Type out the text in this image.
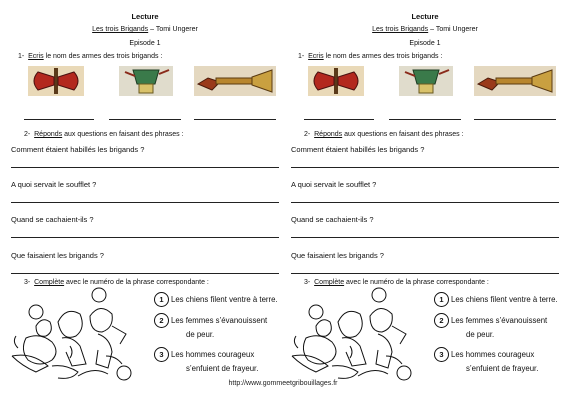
Lecture
Les trois Brigands – Tomi Ungerer
Episode 1
1- Ecris le nom des armes des trois brigands :
2- Réponds aux questions en faisant des phrases :
Comment étaient habillés les brigands ?
A quoi servait le soufflet ?
Quand se cachaient-ils ?
Que faisaient les brigands ?
3- Complète avec le numéro de la phrase correspondante :
1 Les chiens filent ventre à terre.
2 Les femmes s’évanouissent
de peur.
3 Les hommes courageux
s’enfuient de frayeur.
Lecture
Les trois Brigands – Tomi Ungerer
Episode 1
1- Ecris le nom des armes des trois brigands :
2- Réponds aux questions en faisant des phrases :
Comment étaient habillés les brigands ?
A quoi servait le soufflet ?
Quand se cachaient-ils ?
Que faisaient les brigands ?
3- Complète avec le numéro de la phrase correspondante :
1 Les chiens filent ventre à terre.
2 Les femmes s’évanouissent
de peur.
3 Les hommes courageux
s’enfuient de frayeur.
http://www.gommeetgribouillages.fr
